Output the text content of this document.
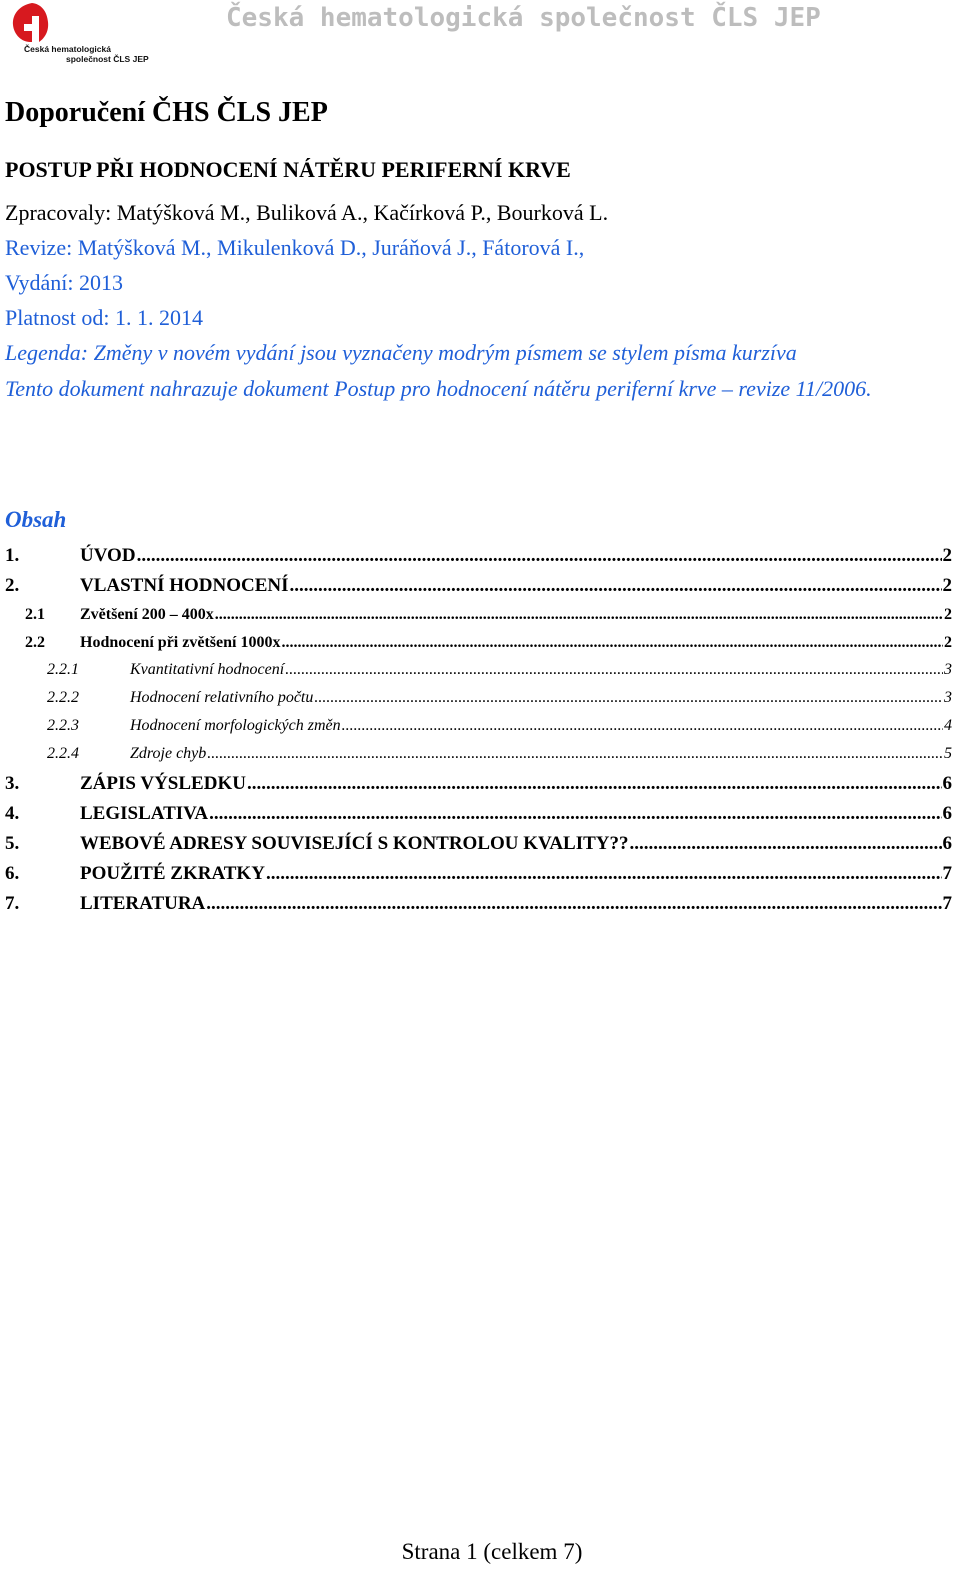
Česká hematologická
společnost ČLS JEP
Česká hematologická společnost ČLS JEP
Doporučení ČHS ČLS JEP
POSTUP PŘI HODNOCENÍ NÁTĚRU PERIFERNÍ KRVE
Zpracovaly: Matýšková M., Buliková A., Kačírková P., Bourková L.
Revize: Matýšková M., Mikulenková D., Juráňová J., Fátorová I.,
Vydání: 2013
Platnost od: 1. 1. 2014
Legenda: Změny v novém vydání jsou vyznačeny modrým písmem se stylem písma kurzíva
Tento dokument nahrazuje dokument Postup pro hodnocení nátěru periferní krve – revize 11/2006.
Obsah
1.	ÚVOD .....	2
2.	VLASTNÍ HODNOCENÍ .....	2
2.1 Zvětšení 200 – 400x .....	2
2.2 Hodnocení při zvětšení 1000x .....	2
2.2.1	Kvantitativní hodnocení .....	3
2.2.2	Hodnocení relativního počtu .....	3
2.2.3	Hodnocení morfologických změn .....	4
2.2.4	Zdroje chyb .....	5
3.	ZÁPIS VÝSLEDKU .....	6
4.	LEGISLATIVA .....	6
5.	WEBOVÉ ADRESY SOUVISEJÍCÍ S KONTROLOU KVALITY?? .....	6
6.	POUŽITÉ ZKRATKY .....	7
7.	LITERATURA .....	7
Strana 1 (celkem 7)
